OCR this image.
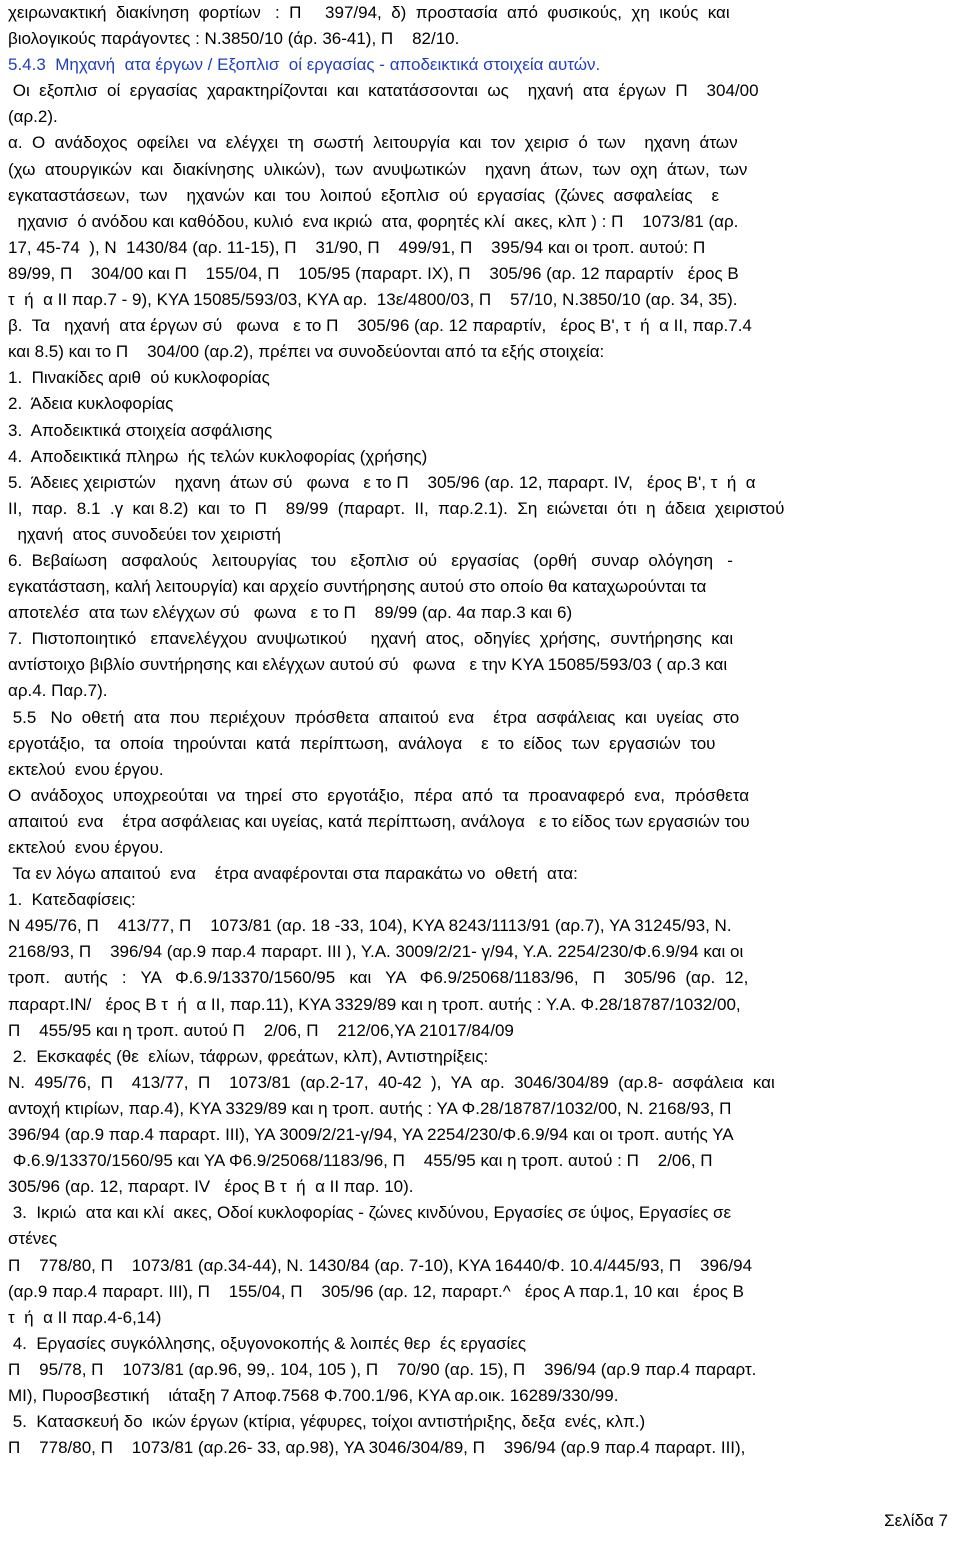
χειρωνακτική  διακίνηση  φορτίων   :  Π     397/94,  δ)  προστασία  από  φυσικούς,  χη  ικούς  και
βιολογικούς παράγοντες : Ν.3850/10 (άρ. 36-41), Π    82/10.
5.4.3  Μηχανή  ατα έργων / Εξοπλισ  οί εργασίας - αποδεικτικά στοιχεία αυτών.
Οι  εξοπλισ  οί  εργασίας  χαρακτηρίζονται  και  κατατάσσονται  ως    ηχανή  ατα  έργων  Π    304/00
(αρ.2).
α.  Ο  ανάδοχος  οφείλει  να  ελέγχει  τη  σωστή  λειτουργία  και  τον  χειρισ  ό  των    ηχανη  άτων
(χω  ατουργικών  και  διακίνησης  υλικών),  των  ανυψωτικών    ηχανη  άτων,  των  οχη  άτων,  των
εγκαταστάσεων,  των    ηχανών  και  του  λοιπού  εξοπλισ  ού  εργασίας  (ζώνες  ασφαλείας    ε
ηχανισ  ό ανόδου και καθόδου, κυλιό  ενα ικριώ  ατα, φορητές κλί  ακες, κλπ ) : Π    1073/81 (αρ.
17, 45-74  ), Ν  1430/84 (αρ. 11-15), Π    31/90, Π    499/91, Π    395/94 και οι τροπ. αυτού: Π
89/99, Π    304/00 και Π    155/04, Π    105/95 (παραρτ. ΙΧ), Π    305/96 (αρ. 12 παραρτίν   έρος Β
τ  ή  α ΙΙ παρ.7 - 9), ΚΥΑ 15085/593/03, ΚΥΑ αρ.  13ε/4800/03, Π    57/10, Ν.3850/10 (αρ. 34, 35).
β.  Τα   ηχανή  ατα έργων σύ   φωνα   ε το Π    305/96 (αρ. 12 παραρτίν,   έρος Β', τ  ή  α ΙΙ, παρ.7.4
και 8.5) και το Π    304/00 (αρ.2), πρέπει να συνοδεύονται από τα εξής στοιχεία:
1.  Πινακίδες αριθ  ού κυκλοφορίας
2.  Άδεια κυκλοφορίας
3.  Αποδεικτικά στοιχεία ασφάλισης
4.  Αποδεικτικά πληρω  ής τελών κυκλοφορίας (χρήσης)
5.  Άδειες χειριστών    ηχανη  άτων σύ   φωνα   ε το Π    305/96 (αρ. 12, παραρτ. IV,   έρος Β', τ  ή  α
ΙΙ,  παρ.  8.1  .γ  και 8.2)  και  το  Π    89/99  (παραρτ.  ΙΙ,  παρ.2.1).  Ση  ειώνεται  ότι  η  άδεια  χειριστού
ηχανή  ατος συνοδεύει τον χειριστή
6.  Βεβαίωση   ασφαλούς   λειτουργίας   του   εξοπλισ  ού   εργασίας   (ορθή   συναρ  ολόγηση   -
εγκατάσταση, καλή λειτουργία) και αρχείο συντήρησης αυτού στο οποίο θα καταχωρούνται τα
αποτελέσ  ατα των ελέγχων σύ   φωνα   ε το Π    89/99 (αρ. 4α παρ.3 και 6)
7.  Πιστοποιητικό   επανελέγχου  ανυψωτικού     ηχανή  ατος,  οδηγίες  χρήσης,  συντήρησης  και
αντίστοιχο βιβλίο συντήρησης και ελέγχων αυτού σύ   φωνα   ε την ΚΥΑ 15085/593/03 ( αρ.3 και
αρ.4. Παρ.7).
5.5   Νο  οθετή  ατα  που  περιέχουν  πρόσθετα  απαιτού  ενα    έτρα  ασφάλειας  και  υγείας  στο
εργοτάξιο,  τα  οποία  τηρούνται  κατά  περίπτωση,  ανάλογα    ε  το  είδος  των  εργασιών  του
εκτελού  ενου έργου.
Ο  ανάδοχος  υποχρεούται  να  τηρεί  στο  εργοτάξιο,  πέρα  από  τα  προαναφερό  ενα,  πρόσθετα
απαιτού  ενα    έτρα ασφάλειας και υγείας, κατά περίπτωση, ανάλογα   ε το είδος των εργασιών του
εκτελού  ενου έργου.
Τα εν λόγω απαιτού  ενα    έτρα αναφέρονται στα παρακάτω νο  οθετή  ατα:
1.  Κατεδαφίσεις:
Ν 495/76, Π    413/77, Π    1073/81 (αρ. 18 -33, 104), ΚΥΑ 8243/1113/91 (αρ.7), ΥΑ 31245/93, Ν.
2168/93, Π    396/94 (αρ.9 παρ.4 παραρτ. ΙΙΙ ), Υ.Α. 3009/2/21- γ/94, Υ.Α. 2254/230/Φ.6.9/94 και οι
τροπ.   αυτής   :   ΥΑ   Φ.6.9/13370/1560/95   και   ΥΑ   Φ6.9/25068/1183/96,   Π    305/96  (αρ.  12,
παραρτ.IN/   έρος Β τ  ή  α ΙΙ, παρ.11), ΚΥΑ 3329/89 και η τροπ. αυτής : Υ.Α. Φ.28/18787/1032/00,
Π    455/95 και η τροπ. αυτού Π    2/06, Π    212/06,ΥΑ 21017/84/09
2.  Εκσκαφές (θε  ελίων, τάφρων, φρεάτων, κλπ), Αντιστηρίξεις:
Ν.  495/76,  Π    413/77,  Π    1073/81  (αρ.2-17,  40-42  ),  ΥΑ  αρ.  3046/304/89  (αρ.8-  ασφάλεια  και
αντοχή κτιρίων, παρ.4), ΚΥΑ 3329/89 και η τροπ. αυτής : ΥΑ Φ.28/18787/1032/00, Ν. 2168/93, Π
396/94 (αρ.9 παρ.4 παραρτ. ΙΙΙ), ΥΑ 3009/2/21-γ/94, ΥΑ 2254/230/Φ.6.9/94 και οι τροπ. αυτής ΥΑ
Φ.6.9/13370/1560/95 και ΥΑ Φ6.9/25068/1183/96, Π    455/95 και η τροπ. αυτού : Π    2/06, Π
305/96 (αρ. 12, παραρτ. IV   έρος Β τ  ή  α ΙΙ παρ. 10).
3.  Ικριώ  ατα και κλί  ακες, Οδοί κυκλοφορίας - ζώνες κινδύνου, Εργασίες σε ύψος, Εργασίες σε
στένες
Π    778/80, Π    1073/81 (αρ.34-44), Ν. 1430/84 (αρ. 7-10), ΚΥΑ 16440/Φ. 10.4/445/93, Π    396/94
(αρ.9 παρ.4 παραρτ. ΙΙΙ), Π    155/04, Π    305/96 (αρ. 12, παραρτ.^   έρος Α παρ.1, 10 και   έρος Β
τ  ή  α ΙΙ παρ.4-6,14)
4.  Εργασίες συγκόλλησης, οξυγονοκοπής & λοιπές θερ  ές εργασίες
Π    95/78, Π    1073/81 (αρ.96, 99,. 104, 105 ), Π    70/90 (αρ. 15), Π    396/94 (αρ.9 παρ.4 παραρτ.
ΜΙ), Πυροσβεστική    ιάταξη 7 Αποφ.7568 Φ.700.1/96, ΚΥΑ αρ.οικ. 16289/330/99.
5.  Κατασκευή δο  ικών έργων (κτίρια, γέφυρες, τοίχοι αντιστήριξης, δεξα  ενές, κλπ.)
Π    778/80, Π    1073/81 (αρ.26- 33, αρ.98), ΥΑ 3046/304/89, Π    396/94 (αρ.9 παρ.4 παραρτ. ΙΙΙ),
Σελίδα 7
